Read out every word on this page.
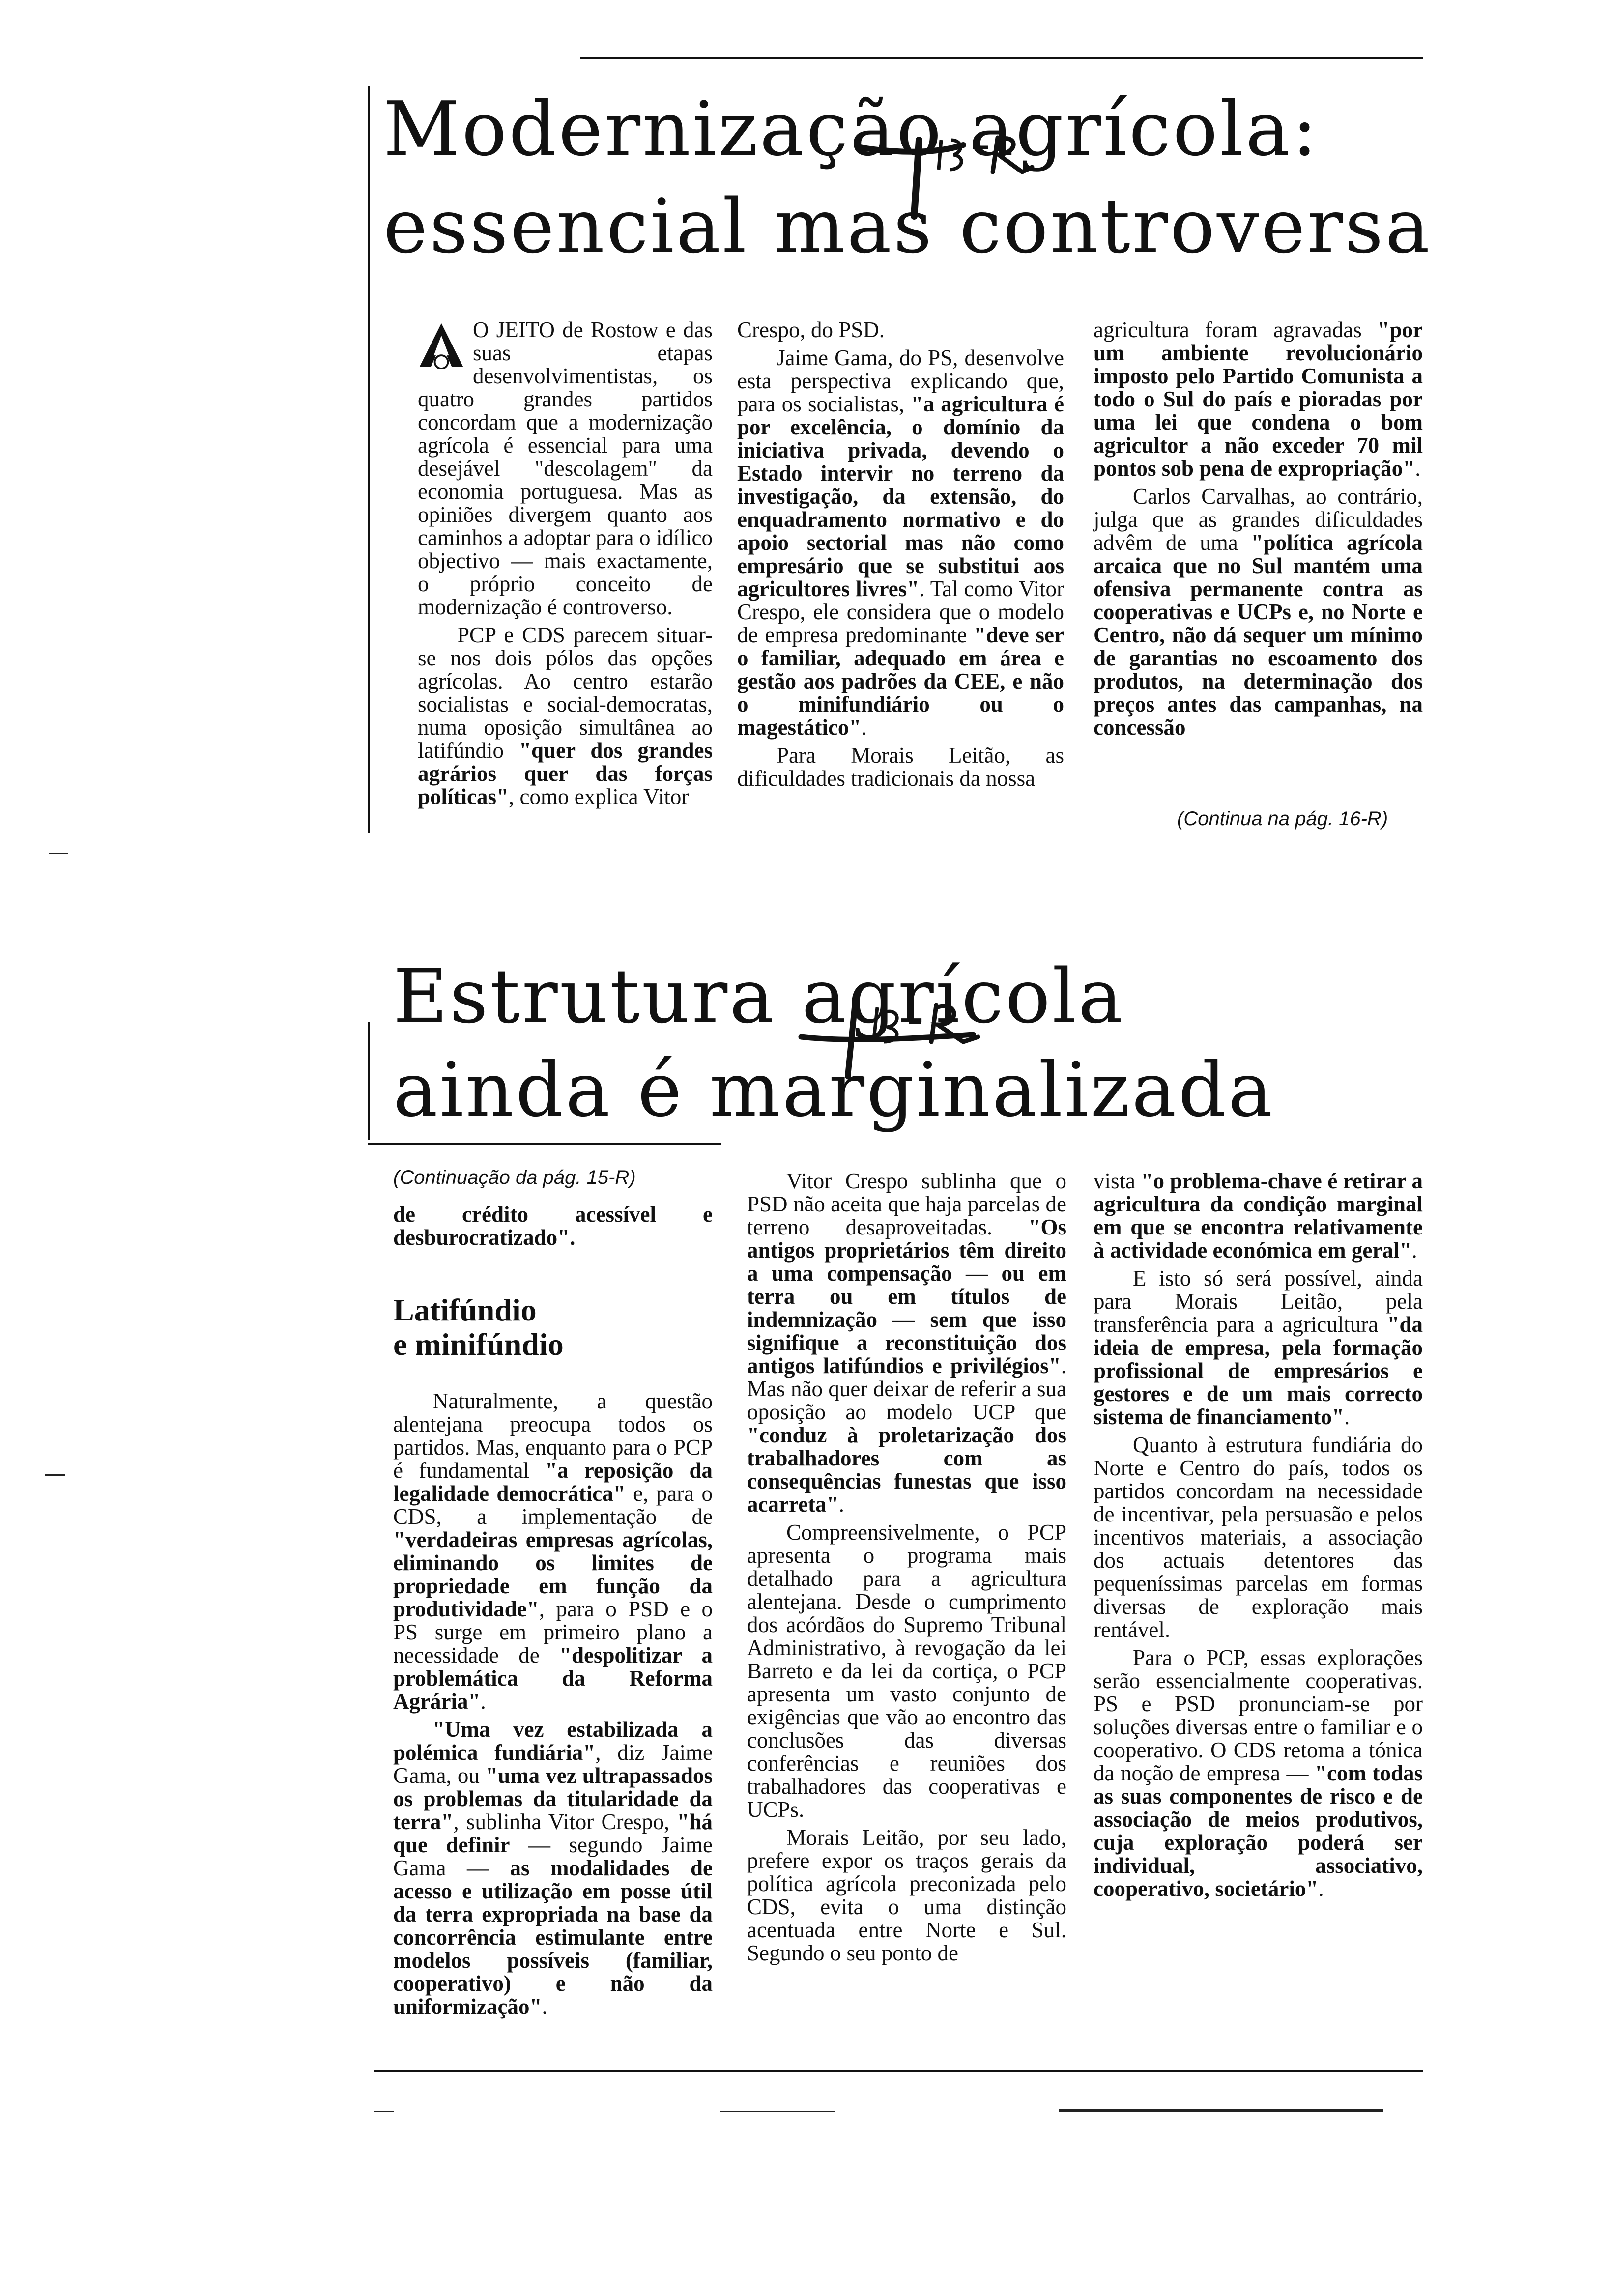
Modernização agrícola:
essencial mas controversa

O JEITO de Rostow e das suas etapas desenvolvimentistas, os quatro grandes partidos concordam que a modernização agrícola é essencial para uma desejável "descolagem" da economia portuguesa. Mas as opiniões divergem quanto aos caminhos a adoptar para o idílico objectivo — mais exactamente, o próprio conceito de modernização é controverso.

PCP e CDS parecem situar-se nos dois pólos das opções agrícolas. Ao centro estarão socialistas e social-democratas, numa oposição simultânea ao latifúndio "quer dos grandes agrários quer das forças políticas", como explica Vitor

Crespo, do PSD.

Jaime Gama, do PS, desenvolve esta perspectiva explicando que, para os socialistas, "a agricultura é por excelência, o domínio da iniciativa privada, devendo o Estado intervir no terreno da investigação, da extensão, do enquadramento normativo e do apoio sectorial mas não como empresário que se substitui aos agricultores livres". Tal como Vitor Crespo, ele considera que o modelo de empresa predominante "deve ser o familiar, adequado em área e gestão aos padrões da CEE, e não o minifundiário ou o magestático".

Para Morais Leitão, as dificuldades tradicionais da nossa

agricultura foram agravadas "por um ambiente revolucionário imposto pelo Partido Comunista a todo o Sul do país e pioradas por uma lei que condena o bom agricultor a não exceder 70 mil pontos sob pena de expropriação".

Carlos Carvalhas, ao contrário, julga que as grandes dificuldades advêm de uma "política agrícola arcaica que no Sul mantém uma ofensiva permanente contra as cooperativas e UCPs e, no Norte e Centro, não dá sequer um mínimo de garantias no escoamento dos produtos, na determinação dos preços antes das campanhas, na concessão

(Continua na pág. 16-R)
Estrutura agrícola
ainda é marginalizada
(Continuação da pág. 15-R)

de crédito acessível e desburocratizado".

Latifúndio
e minifúndio

Naturalmente, a questão alentejana preocupa todos os partidos. Mas, enquanto para o PCP é fundamental "a reposição da legalidade democrática" e, para o CDS, a implementação de "verdadeiras empresas agrícolas, eliminando os limites de propriedade em função da produtividade", para o PSD e o PS surge em primeiro plano a necessidade de "despolitizar a problemática da Reforma Agrária".

"Uma vez estabilizada a polémica fundiária", diz Jaime Gama, ou "uma vez ultrapassados os problemas da titularidade da terra", sublinha Vitor Crespo, "há que definir — segundo Jaime Gama — as modalidades de acesso e utilização em posse útil da terra expropriada na base da concorrência estimulante entre modelos possíveis (familiar, cooperativo) e não da uniformização".

Vitor Crespo sublinha que o PSD não aceita que haja parcelas de terreno desaproveitadas. "Os antigos proprietários têm direito a uma compensação — ou em terra ou em títulos de indemnização — sem que isso signifique a reconstituição dos antigos latifúndios e privilégios". Mas não quer deixar de referir a sua oposição ao modelo UCP que "conduz à proletarização dos trabalhadores com as consequências funestas que isso acarreta".

Compreensivelmente, o PCP apresenta o programa mais detalhado para a agricultura alentejana. Desde o cumprimento dos acórdãos do Supremo Tribunal Administrativo, à revogação da lei Barreto e da lei da cortiça, o PCP apresenta um vasto conjunto de exigências que vão ao encontro das conclusões das diversas conferências e reuniões dos trabalhadores das cooperativas e UCPs.

Morais Leitão, por seu lado, prefere expor os traços gerais da política agrícola preconizada pelo CDS, evita o uma distinção acentuada entre Norte e Sul. Segundo o seu ponto de

vista "o problema-chave é retirar a agricultura da condição marginal em que se encontra relativamente à actividade económica em geral".

E isto só será possível, ainda para Morais Leitão, pela transferência para a agricultura "da ideia de empresa, pela formação profissional de empresários e gestores e de um mais correcto sistema de financiamento".

Quanto à estrutura fundiária do Norte e Centro do país, todos os partidos concordam na necessidade de incentivar, pela persuasão e pelos incentivos materiais, a associação dos actuais detentores das pequeníssimas parcelas em formas diversas de exploração mais rentável.

Para o PCP, essas explorações serão essencialmente cooperativas. PS e PSD pronunciam-se por soluções diversas entre o familiar e o cooperativo. O CDS retoma a tónica da noção de empresa — "com todas as suas componentes de risco e de associação de meios produtivos, cuja exploração poderá ser individual, associativo, cooperativo, societário".
